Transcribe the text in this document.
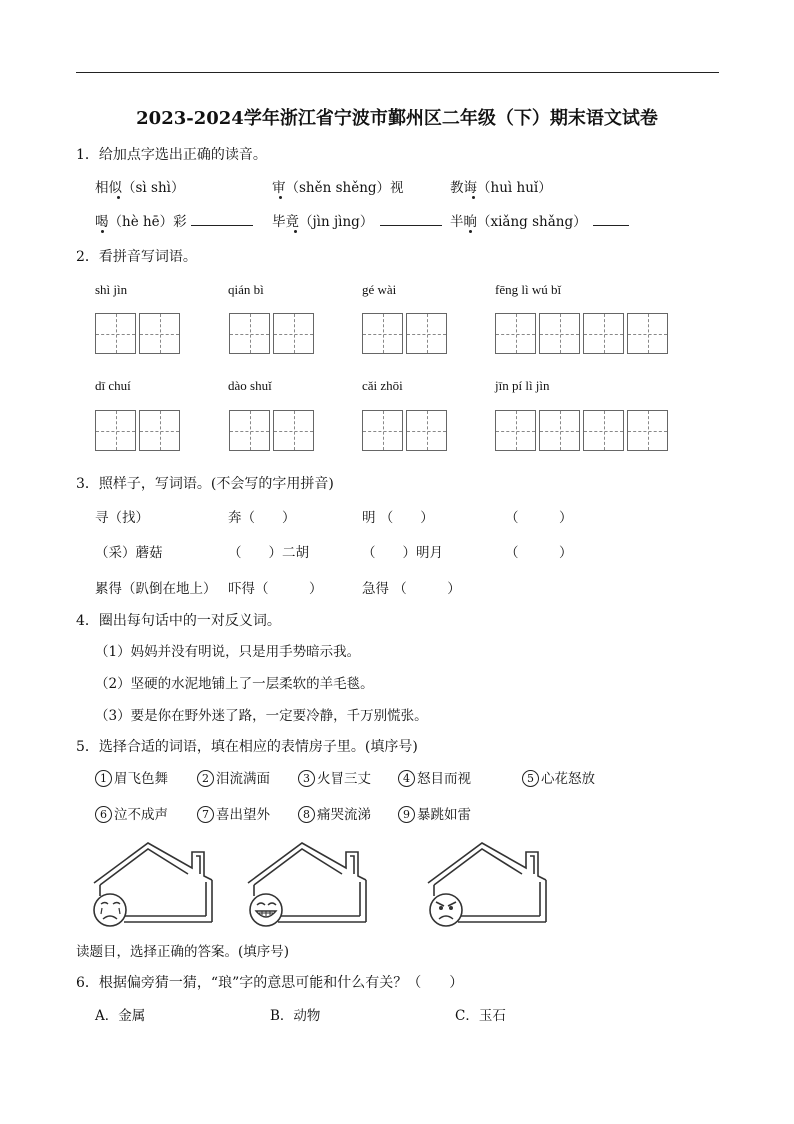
2023-2024学年浙江省宁波市鄞州区二年级（下）期末语文试卷
1．给加点字选出正确的读音。
相似（sì shì）	审（shěn shěng）视	教诲（huì huǐ）
喝（hè hē）彩	毕竟（jìn jìng）　	半晌（xiǎng shǎng）　
2．看拼音写词语。
shì jìn	qián bì	gé wài	fēng lì wú bǐ
dī chuí	dào shuǐ	cǎi zhōi	jīn pí lì jìn
3．照样子，写词语。(不会写的字用拼音)
寻（找）	奔（　　）	明 （　　）	（　　　）
（采）蘑菇	（　　）二胡	（　　）明月	（　　　）
累得（趴倒在地上） 吓得（　　　）	急得 （　　　）
4．圈出每句话中的一对反义词。
（1）妈妈并没有明说，只是用手势暗示我。
（2）坚硬的水泥地铺上了一层柔软的羊毛毯。
（3）要是你在野外迷了路，一定要冷静，千万别慌张。
5．选择合适的词语，填在相应的表情房子里。(填序号)
1 眉飞色舞	2 泪流满面	3 火冒三丈	4 怒目而视	5 心花怒放
6 泣不成声	7 喜出望外	8 痛哭流涕	9 暴跳如雷
读题目，选择正确的答案。(填序号)
6．根据偏旁猜一猜，“琅”字的意思可能和什么有关？（　　）
A．金属	B．动物	C．玉石
